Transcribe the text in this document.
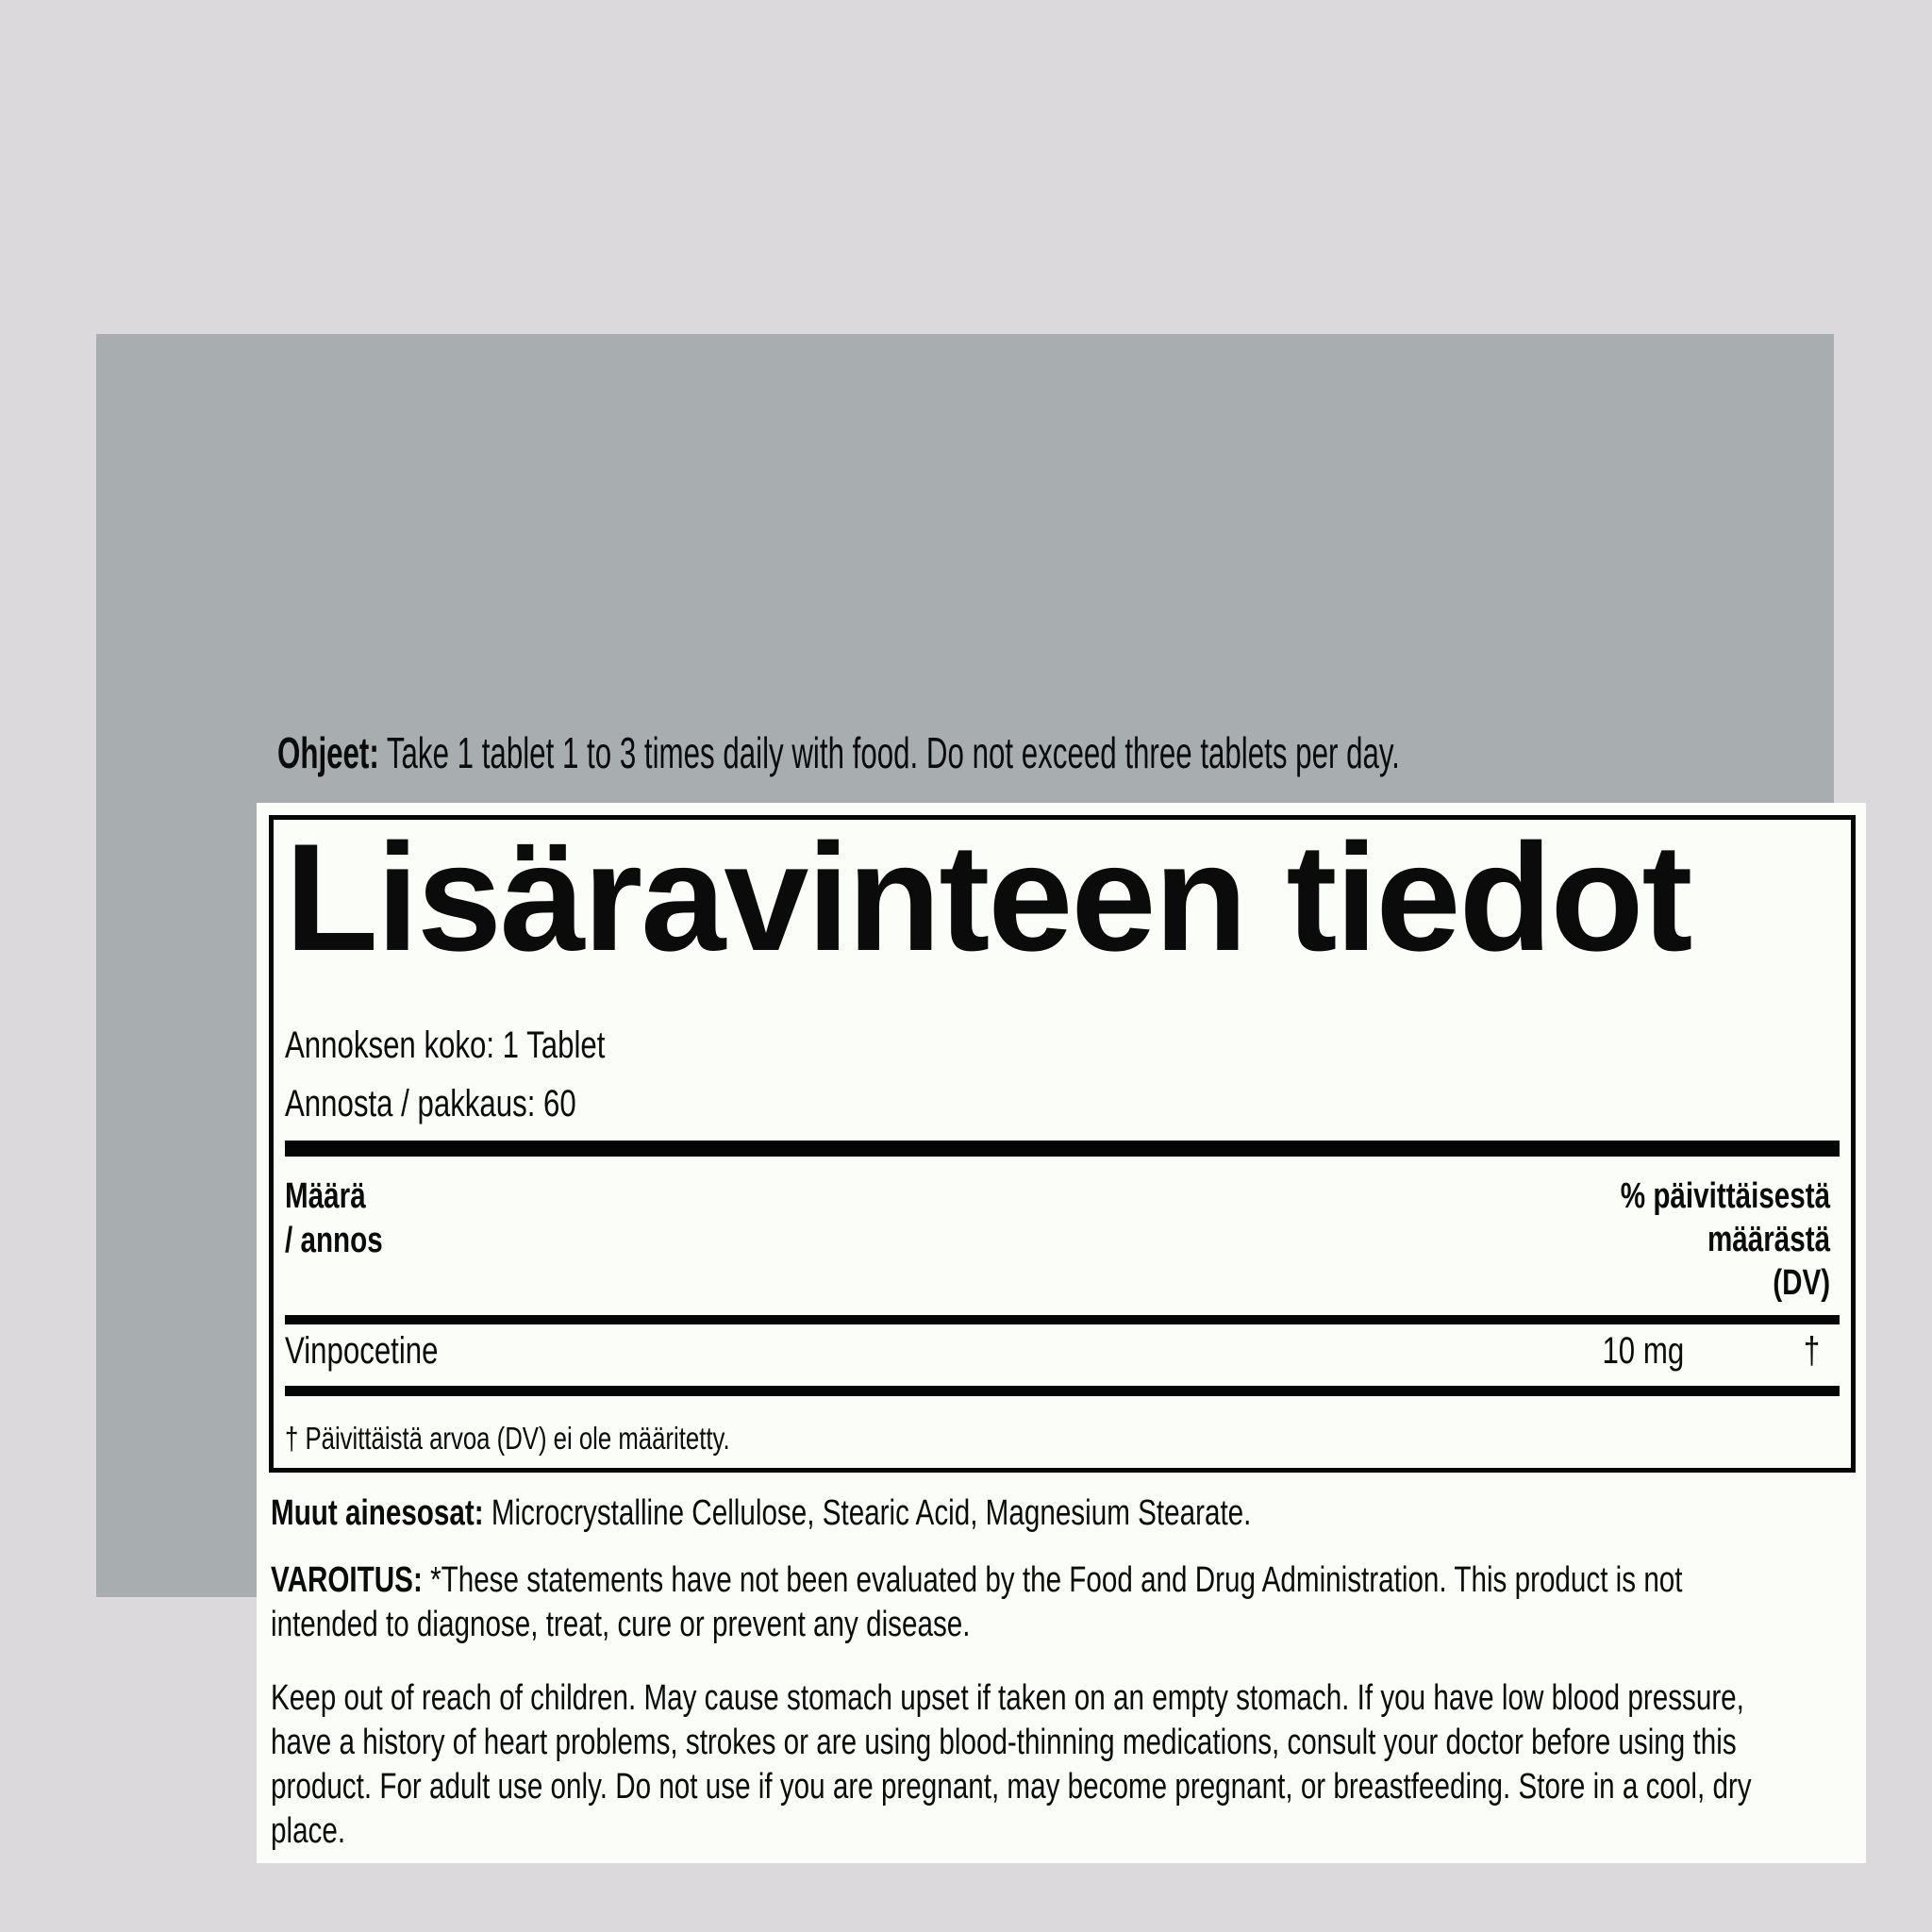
Ohjeet: Take 1 tablet 1 to 3 times daily with food. Do not exceed three tablets per day.
Lisäravinteen tiedot
Annoksen koko: 1 Tablet
Annosta / pakkaus: 60
Määrä
/ annos
% päivittäisestä
määrästä
(DV)
Vinpocetine	10 mg	†
† Päivittäistä arvoa (DV) ei ole määritetty.
Muut ainesosat: Microcrystalline Cellulose, Stearic Acid, Magnesium Stearate.
VAROITUS: *These statements have not been evaluated by the Food and Drug Administration. This product is not
intended to diagnose, treat, cure or prevent any disease.
Keep out of reach of children. May cause stomach upset if taken on an empty stomach. If you have low blood pressure,
have a history of heart problems, strokes or are using blood-thinning medications, consult your doctor before using this
product. For adult use only. Do not use if you are pregnant, may become pregnant, or breastfeeding. Store in a cool, dry
place.
